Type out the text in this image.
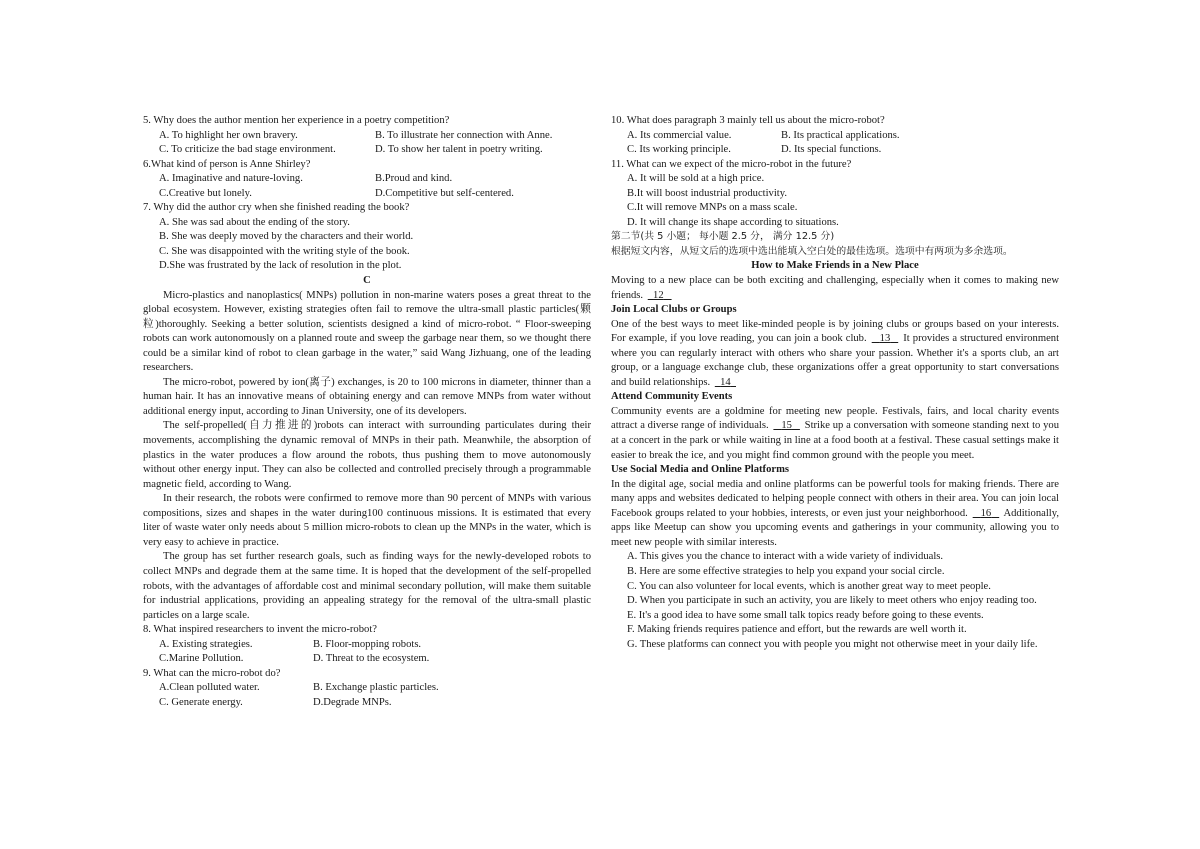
5. Why does the author mention her experience in a poetry competition?

A. To highlight her own bravery.	B. To illustrate her connection with Anne.
C. To criticize the bad stage environment.	D. To show her talent in poetry writing.

6.What kind of person is Anne Shirley?

A. Imaginative and nature-loving.	B.Proud and kind.
C.Creative but lonely.	D.Competitive but self-centered.

7. Why did the author cry when she finished reading the book?

A. She was sad about the ending of the story.

B. She was deeply moved by the characters and their world.

C. She was disappointed with the writing style of the book.

D.She was frustrated by the lack of resolution in the plot.

C

Micro-plastics and nanoplastics( MNPs) pollution in non-marine waters poses a great threat to the global ecosystem. However, existing strategies often fail to remove the ultra-small plastic particles(颗粒)thoroughly. Seeking a better solution, scientists designed a kind of micro-robot. “ Floor-sweeping robots can work autonomously on a planned route and sweep the garbage near them, so we thought there could be a similar kind of robot to clean garbage in the water,” said Wang Jizhuang, one of the leading researchers.

The micro-robot, powered by ion(离子) exchanges, is 20 to 100 microns in diameter, thinner than a human hair. It has an innovative means of obtaining energy and can remove MNPs from water without additional energy input, according to Jinan University, one of its developers.

The self-propelled(自力推进的)robots can interact with surrounding particulates during their movements, accomplishing the dynamic removal of MNPs in their path. Meanwhile, the absorption of plastics in the water produces a flow around the robots, thus pushing them to move autonomously without other energy input. They can also be collected and controlled precisely through a programmable magnetic field, according to Wang.

In their research, the robots were confirmed to remove more than 90 percent of MNPs with various compositions, sizes and shapes in the water during100 continuous missions. It is estimated that every liter of waste water only needs about 5 million micro-robots to clean up the MNPs in the water, which is very easy to achieve in practice.

The group has set further research goals, such as finding ways for the newly-developed robots to collect MNPs and degrade them at the same time. It is hoped that the development of the self-propelled robots, with the advantages of affordable cost and minimal secondary pollution, will make them suitable for industrial applications, providing an appealing strategy for the removal of the ultra-small plastic particles on a large scale.

8. What inspired researchers to invent the micro-robot?

A. Existing strategies.	B. Floor-mopping robots.
C.Marine Pollution.	D. Threat to the ecosystem.

9. What can the micro-robot do?

A.Clean polluted water.	B. Exchange plastic particles.
C. Generate energy.	D.Degrade MNPs.

10. What does paragraph 3 mainly tell us about the micro-robot?

A. Its commercial value.	B. Its practical applications.
C. Its working principle.	D. Its special functions.

11. What can we expect of the micro-robot in the future?

A. It will be sold at a high price.

B.It will boost industrial productivity.

C.It will remove MNPs on a mass scale.

D. It will change its shape according to situations.

第二节(共 5 小题； 每小题 2.5 分， 满分 12.5 分)

根据短文内容，从短文后的选项中选出能填入空白处的最佳选项。选项中有两项为多余选项。

How to Make Friends in a New Place

Moving to a new place can be both exciting and challenging, especially when it comes to making new friends. 12

Join Local Clubs or Groups

One of the best ways to meet like-minded people is by joining clubs or groups based on your interests. For example, if you love reading, you can join a book club. 13 It provides a structured environment where you can regularly interact with others who share your passion. Whether it's a sports club, an art group, or a language exchange club, these organizations offer a great opportunity to start conversations and build relationships. 14

Attend Community Events

Community events are a goldmine for meeting new people. Festivals, fairs, and local charity events attract a diverse range of individuals. 15 Strike up a conversation with someone standing next to you at a concert in the park or while waiting in line at a food booth at a festival. These casual settings make it easier to break the ice, and you might find common ground with the people you meet.

Use Social Media and Online Platforms

In the digital age, social media and online platforms can be powerful tools for making friends. There are many apps and websites dedicated to helping people connect with others in their area. You can join local Facebook groups related to your hobbies, interests, or even just your neighborhood. 16 Additionally, apps like Meetup can show you upcoming events and gatherings in your community, allowing you to meet new people with similar interests.

A. This gives you the chance to interact with a wide variety of individuals.

B. Here are some effective strategies to help you expand your social circle.

C. You can also volunteer for local events, which is another great way to meet people.

D. When you participate in such an activity, you are likely to meet others who enjoy reading too.

E. It's a good idea to have some small talk topics ready before going to these events.

F. Making friends requires patience and effort, but the rewards are well worth it.

G. These platforms can connect you with people you might not otherwise meet in your daily life.
